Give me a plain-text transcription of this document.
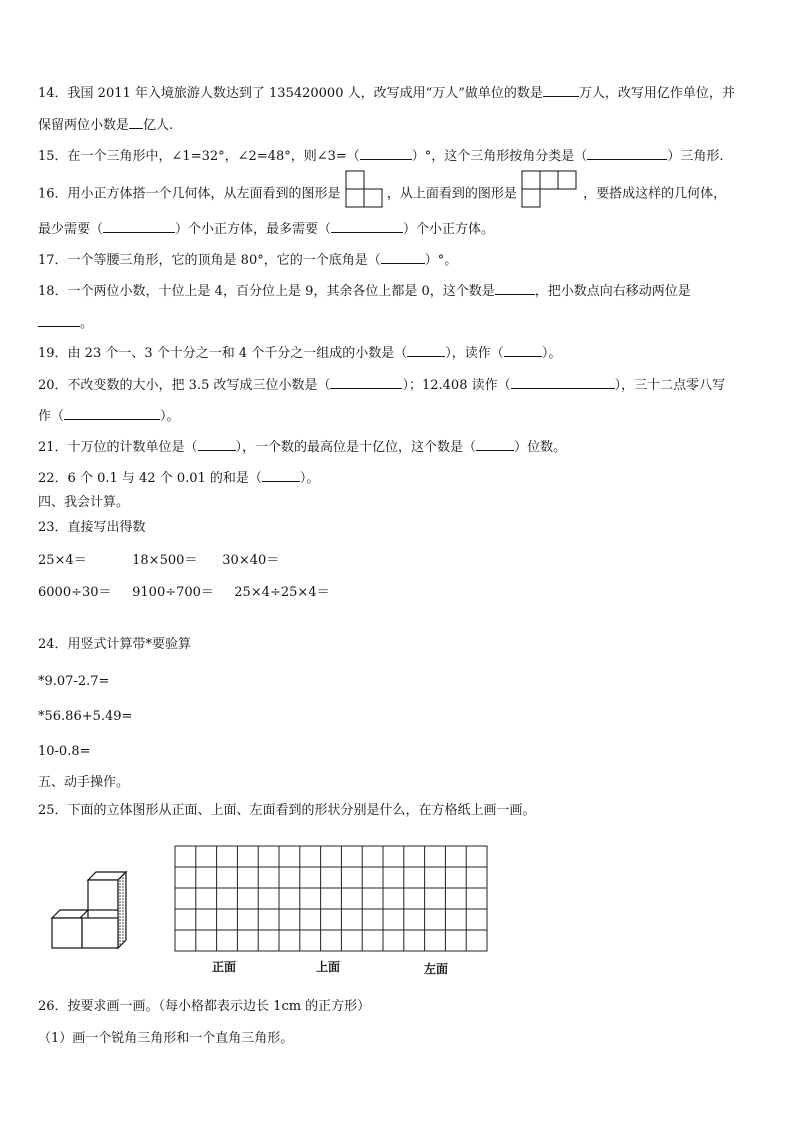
14．我国 2011 年入境旅游人数达到了 135420000 人，改写成用“万人”做单位的数是	万人，改写用亿作单位，并
保留两位小数是 亿人.
15．在一个三角形中，∠1=32°，∠2=48°，则∠3=（	）°，这个三角形按角分类是（	）三角形.
16．用小正方体搭一个几何体，从左面看到的图形是	，从上面看到的图形是	，要搭成这样的几何体，
最少需要（	）个小正方体，最多需要（	）个小正方体。
17．一个等腰三角形，它的顶角是 80°，它的一个底角是（	）°。
18．一个两位小数，十位上是 4，百分位上是 9，其余各位上都是 0，这个数是	，把小数点向右移动两位是
。
19．由 23 个一、3 个十分之一和 4 个千分之一组成的小数是（	），读作（	）。
20．不改变数的大小，把 3.5 改写成三位小数是（	）；12.408 读作（	），三十二点零八写
作（	）。
21．十万位的计数单位是（	），一个数的最高位是十亿位，这个数是（	）位数。
22．6 个 0.1 与 42 个 0.01 的和是（	）。
四、我会计算。
23．直接写出得数
25×4＝	18×500＝ 30×40＝
6000÷30＝ 9100÷700＝ 25×4÷25×4＝
24．用竖式计算带*要验算
*9.07-2.7=
*56.86+5.49=
10-0.8=
五、动手操作。
25．下面的立体图形从正面、上面、左面看到的形状分别是什么，在方格纸上画一画。
正面	上面	左面
26．按要求画一画。（每小格都表示边长 1cm 的正方形）
（1）画一个锐角三角形和一个直角三角形。
